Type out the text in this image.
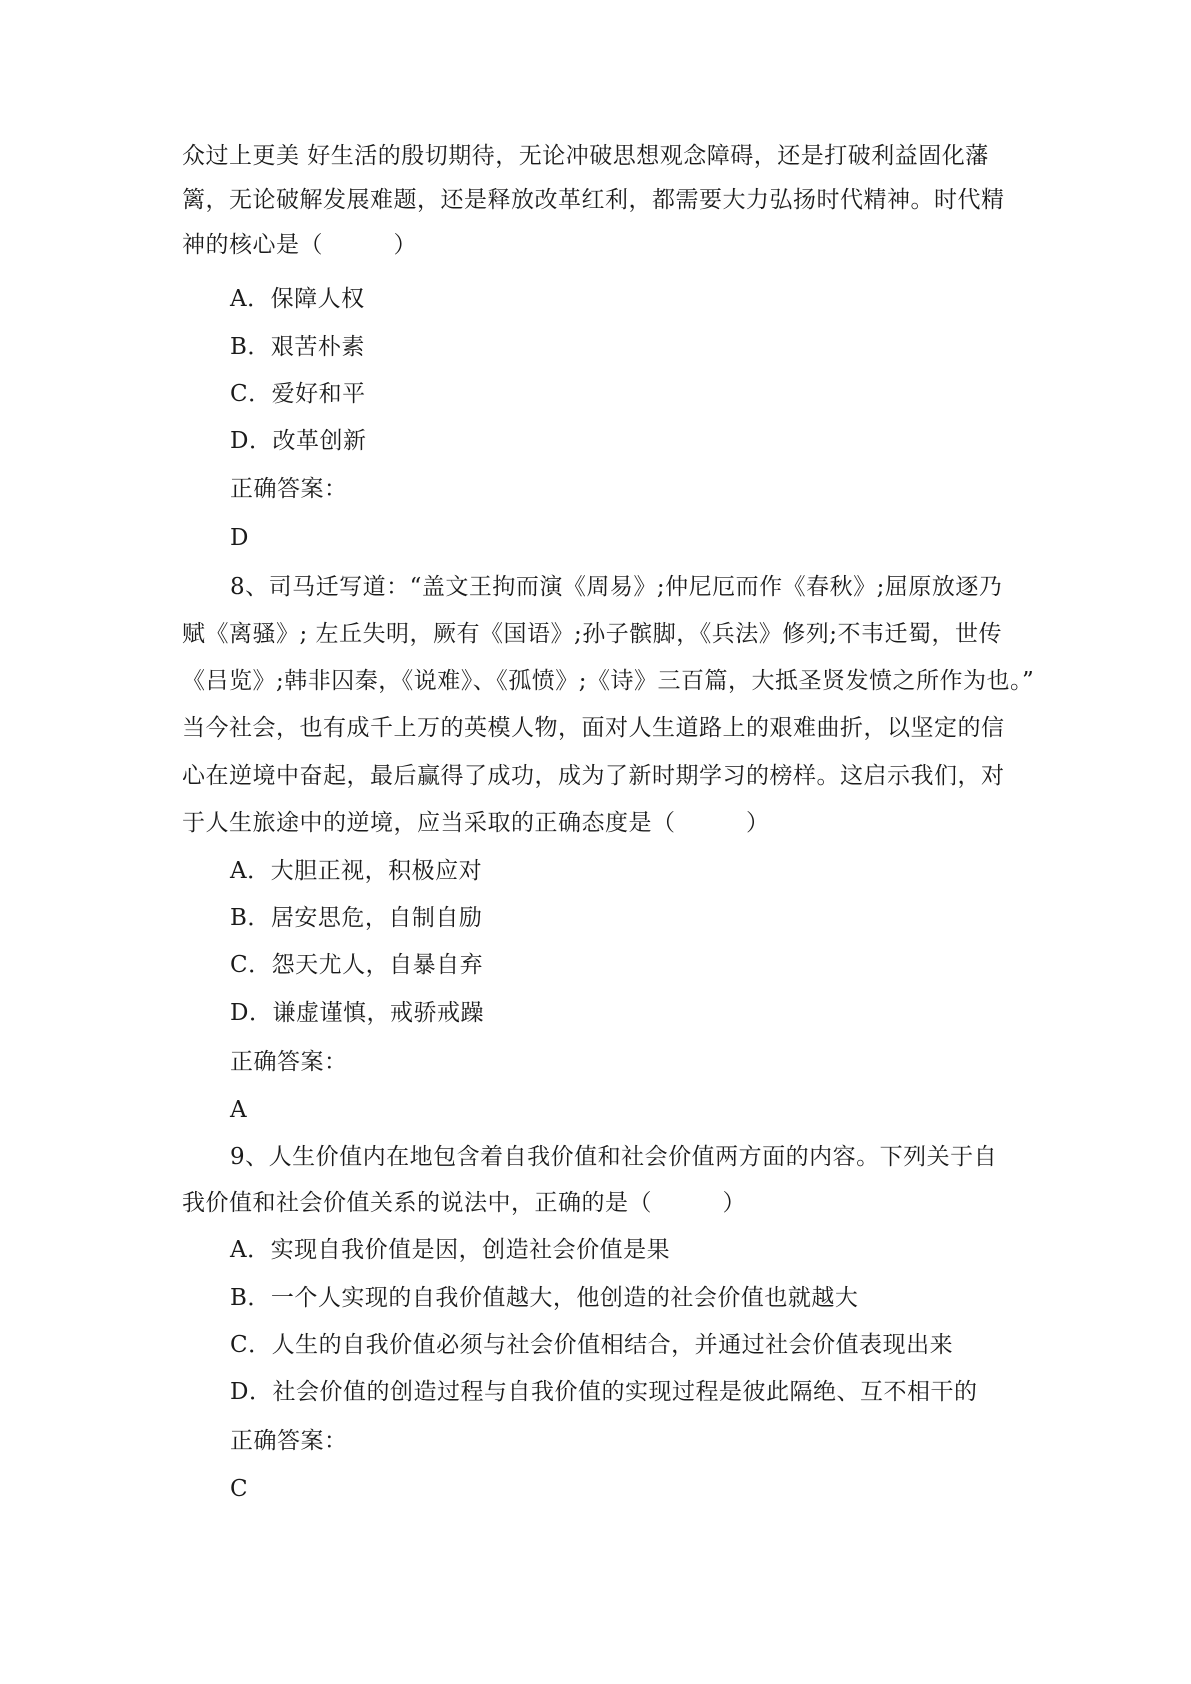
众过上更美 好生活的殷切期待，无论冲破思想观念障碍，还是打破利益固化藩
篱，无论破解发展难题，还是释放改革红利，都需要大力弘扬时代精神。时代精
神的核心是（　　　）
A．保障人权
B．艰苦朴素
C．爱好和平
D．改革创新
正确答案：
D
8、司马迁写道：“盖文王拘而演《周易》;仲尼厄而作《春秋》;屈原放逐乃
赋《离骚》; 左丘失明，厥有《国语》;孙子髌脚，《兵法》修列;不韦迁蜀，世传
《吕览》;韩非囚秦，《说难》、《孤愤》;《诗》三百篇，大抵圣贤发愤之所作为也。”
当今社会，也有成千上万的英模人物，面对人生道路上的艰难曲折，以坚定的信
心在逆境中奋起，最后赢得了成功，成为了新时期学习的榜样。这启示我们，对
于人生旅途中的逆境，应当采取的正确态度是（　　　）
A．大胆正视，积极应对
B．居安思危，自制自励
C．怨天尤人，自暴自弃
D．谦虚谨慎，戒骄戒躁
正确答案：
A
9、人生价值内在地包含着自我价值和社会价值两方面的内容。下列关于自
我价值和社会价值关系的说法中，正确的是（　　　）
A．实现自我价值是因，创造社会价值是果
B．一个人实现的自我价值越大，他创造的社会价值也就越大
C．人生的自我价值必须与社会价值相结合，并通过社会价值表现出来
D．社会价值的创造过程与自我价值的实现过程是彼此隔绝、互不相干的
正确答案：
C
